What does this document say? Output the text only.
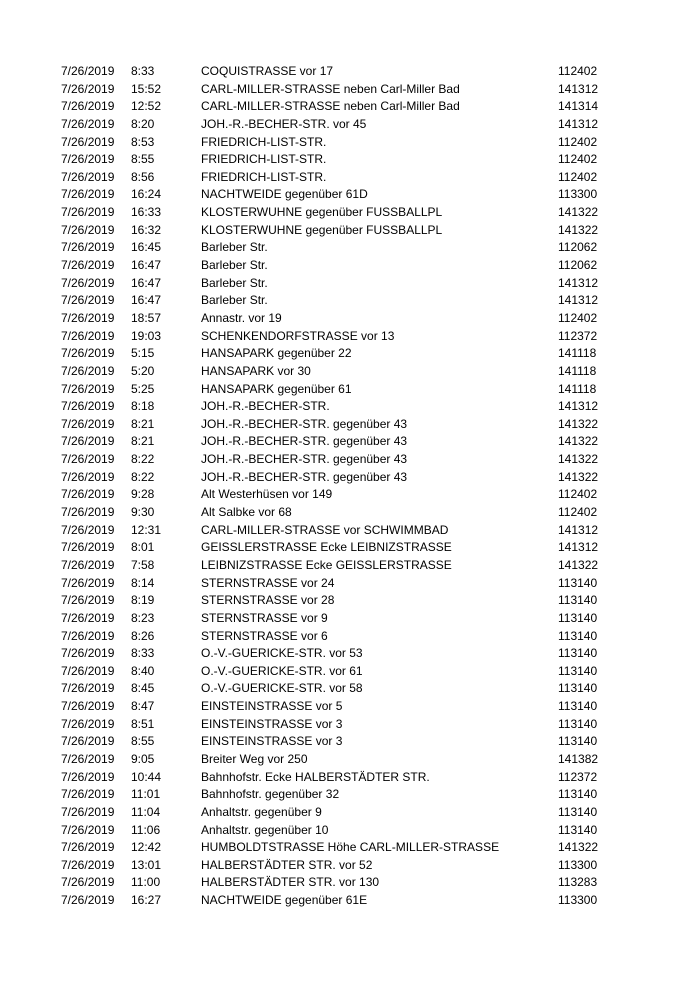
7/26/2019 8:33	COQUISTRASSE vor 17	112402
7/26/2019 15:52	CARL-MILLER-STRASSE neben Carl-Miller Bad	141312
7/26/2019 12:52	CARL-MILLER-STRASSE neben Carl-Miller Bad	141314
7/26/2019 8:20	JOH.-R.-BECHER-STR. vor 45	141312
7/26/2019 8:53	FRIEDRICH-LIST-STR.	112402
7/26/2019 8:55	FRIEDRICH-LIST-STR.	112402
7/26/2019 8:56	FRIEDRICH-LIST-STR.	112402
7/26/2019 16:24	NACHTWEIDE gegenüber 61D	113300
7/26/2019 16:33	KLOSTERWUHNE gegenüber FUSSBALLPL	141322
7/26/2019 16:32	KLOSTERWUHNE gegenüber FUSSBALLPL	141322
7/26/2019 16:45	Barleber Str.	112062
7/26/2019 16:47	Barleber Str.	112062
7/26/2019 16:47	Barleber Str.	141312
7/26/2019 16:47	Barleber Str.	141312
7/26/2019 18:57	Annastr. vor 19	112402
7/26/2019 19:03	SCHENKENDORFSTRASSE vor 13	112372
7/26/2019 5:15	HANSAPARK gegenüber 22	141118
7/26/2019 5:20	HANSAPARK vor 30	141118
7/26/2019 5:25	HANSAPARK gegenüber 61	141118
7/26/2019 8:18	JOH.-R.-BECHER-STR.	141312
7/26/2019 8:21	JOH.-R.-BECHER-STR. gegenüber 43	141322
7/26/2019 8:21	JOH.-R.-BECHER-STR. gegenüber 43	141322
7/26/2019 8:22	JOH.-R.-BECHER-STR. gegenüber 43	141322
7/26/2019 8:22	JOH.-R.-BECHER-STR. gegenüber 43	141322
7/26/2019 9:28	Alt Westerhüsen vor 149	112402
7/26/2019 9:30	Alt Salbke vor 68	112402
7/26/2019 12:31	CARL-MILLER-STRASSE vor SCHWIMMBAD	141312
7/26/2019 8:01	GEISSLERSTRASSE Ecke LEIBNIZSTRASSE	141312
7/26/2019 7:58	LEIBNIZSTRASSE Ecke GEISSLERSTRASSE	141322
7/26/2019 8:14	STERNSTRASSE vor 24	113140
7/26/2019 8:19	STERNSTRASSE vor 28	113140
7/26/2019 8:23	STERNSTRASSE vor 9	113140
7/26/2019 8:26	STERNSTRASSE vor 6	113140
7/26/2019 8:33	O.-V.-GUERICKE-STR. vor 53	113140
7/26/2019 8:40	O.-V.-GUERICKE-STR. vor 61	113140
7/26/2019 8:45	O.-V.-GUERICKE-STR. vor 58	113140
7/26/2019 8:47	EINSTEINSTRASSE vor 5	113140
7/26/2019 8:51	EINSTEINSTRASSE vor 3	113140
7/26/2019 8:55	EINSTEINSTRASSE vor 3	113140
7/26/2019 9:05	Breiter Weg vor 250	141382
7/26/2019 10:44	Bahnhofstr. Ecke HALBERSTÄDTER STR.	112372
7/26/2019 11:01	Bahnhofstr. gegenüber 32	113140
7/26/2019 11:04	Anhaltstr. gegenüber 9	113140
7/26/2019 11:06	Anhaltstr. gegenüber 10	113140
7/26/2019 12:42	HUMBOLDTSTRASSE Höhe CARL-MILLER-STRASSE	141322
7/26/2019 13:01	HALBERSTÄDTER STR. vor 52	113300
7/26/2019 11:00	HALBERSTÄDTER STR. vor 130	113283
7/26/2019 16:27	NACHTWEIDE gegenüber 61E	113300
